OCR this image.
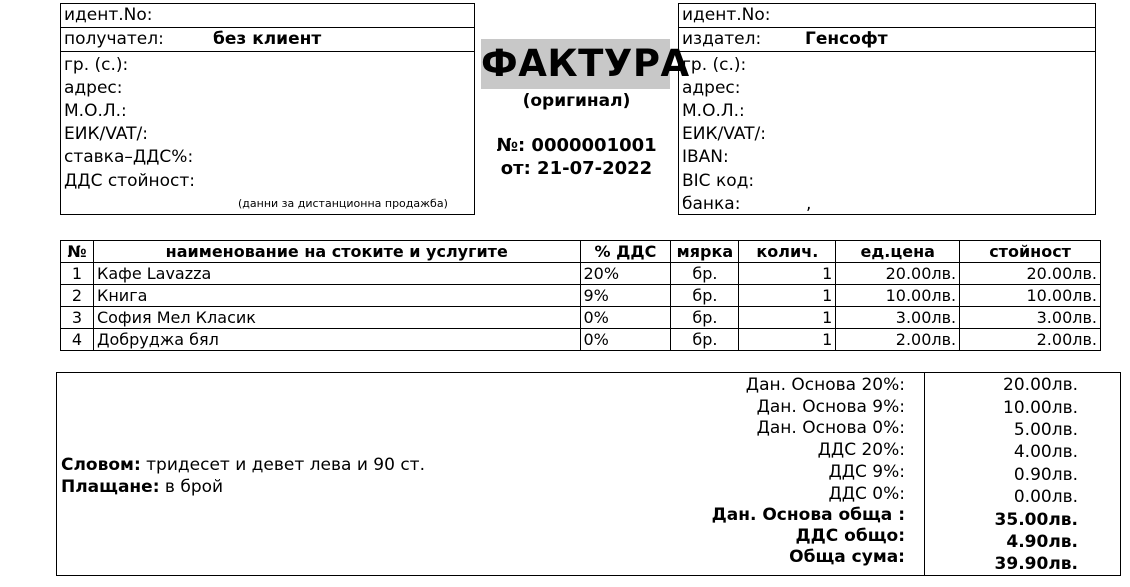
идент.No:
получател:	без клиент
гр. (с.):
адрес:
М.О.Л.:
ЕИК/VAT/:
ставка–ДДС%:
ДДС стойност:
(данни за дистанционна продажба)
ФАКТУРА
(оригинал)
№: 0000001001
от: 21-07-2022
идент.No:
издател:	Генсофт
гр. (с.):
адрес:
М.О.Л.:
ЕИК/VAT/:
IBAN:
BIC код:
банка:	,
№	наименование на стоките и услугите	% ДДС	мярка	колич.	ед.цена	стойност
1	Кафе Lavazza	20%	бр.	1	20.00лв.	20.00лв.
2	Книга	9%	бр.	1	10.00лв.	10.00лв.
3	София Мел Класик	0%	бр.	1	3.00лв.	3.00лв.
4	Добруджа бял	0%	бр.	1	2.00лв.	2.00лв.
Словом: тридесет и девет лева и 90 ст.
Плащане: в брой
Дан. Основа 20%:	20.00лв.
Дан. Основа 9%:	10.00лв.
Дан. Основа 0%:	5.00лв.
ДДС 20%:	4.00лв.
ДДС 9%:	0.90лв.
ДДС 0%:	0.00лв.
Дан. Основа обща :	35.00лв.
ДДС общо:	4.90лв.
Обща сума:	39.90лв.
